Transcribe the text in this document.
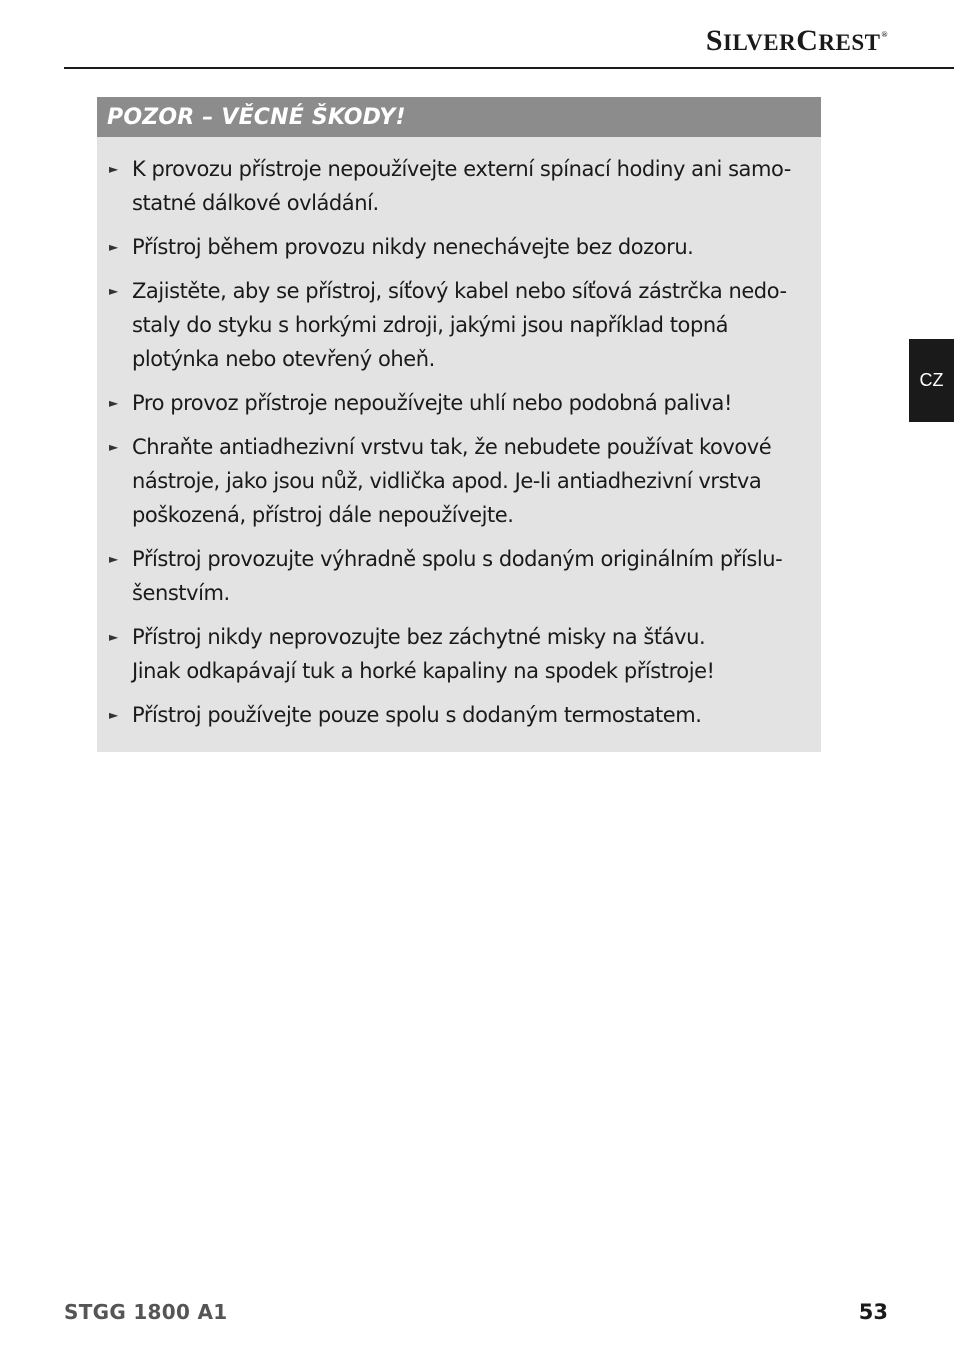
SILVERCREST®
CZ
POZOR – VĚCNÉ ŠKODY!
► K provozu přístroje nepoužívejte externí spínací hodiny ani samo-
statné dálkové ovládání.
► Přístroj během provozu nikdy nenechávejte bez dozoru.
► Zajistěte, aby se přístroj, síťový kabel nebo síťová zástrčka nedo-
staly do styku s horkými zdroji, jakými jsou například topná
plotýnka nebo otevřený oheň.
► Pro provoz přístroje nepoužívejte uhlí nebo podobná paliva!
► Chraňte antiadhezivní vrstvu tak, že nebudete používat kovové
nástroje, jako jsou nůž, vidlička apod. Je-li antiadhezivní vrstva
poškozená, přístroj dále nepoužívejte.
► Přístroj provozujte výhradně spolu s dodaným originálním příslu-
šenstvím.
► Přístroj nikdy neprovozujte bez záchytné misky na šťávu.
Jinak odkapávají tuk a horké kapaliny na spodek přístroje!
► Přístroj používejte pouze spolu s dodaným termostatem.
STGG 1800 A1	53
